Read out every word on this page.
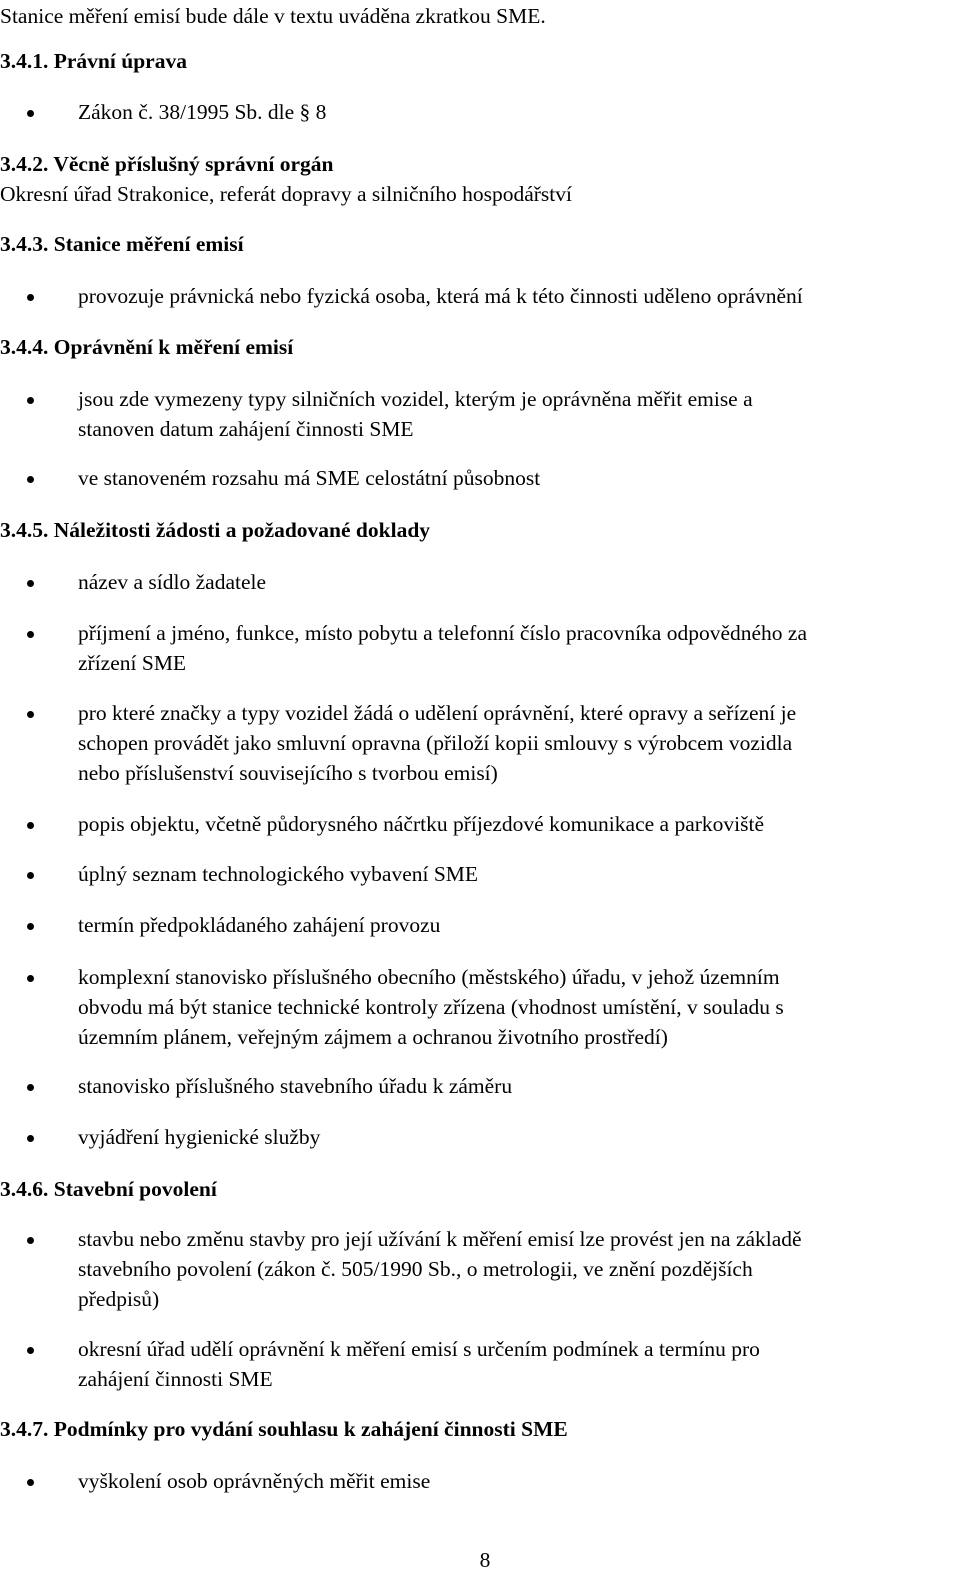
Stanice měření emisí bude dále v textu uváděna zkratkou SME.

3.4.1. Právní úprava

Zákon č. 38/1995 Sb. dle § 8

3.4.2. Věcně příslušný správní orgán

Okresní úřad Strakonice, referát dopravy a silničního hospodářství

3.4.3. Stanice měření emisí

provozuje právnická nebo fyzická osoba, která má k této činnosti uděleno oprávnění

3.4.4. Oprávnění k měření emisí

jsou zde vymezeny typy silničních vozidel, kterým je oprávněna měřit emise a
stanoven datum zahájení činnosti SME
ve stanoveném rozsahu má SME celostátní působnost

3.4.5. Náležitosti žádosti a požadované doklady

název a sídlo žadatele
příjmení a jméno, funkce, místo pobytu a telefonní číslo pracovníka odpovědného za
zřízení SME
pro které značky a typy vozidel žádá o udělení oprávnění, které opravy a seřízení je
schopen provádět jako smluvní opravna (přiloží kopii smlouvy s výrobcem vozidla
nebo příslušenství souvisejícího s tvorbou emisí)
popis objektu, včetně půdorysného náčrtku příjezdové komunikace a parkoviště
úplný seznam technologického vybavení SME
termín předpokládaného zahájení provozu
komplexní stanovisko příslušného obecního (městského) úřadu, v jehož územním
obvodu má být stanice technické kontroly zřízena (vhodnost umístění, v souladu s
územním plánem, veřejným zájmem a ochranou životního prostředí)
stanovisko příslušného stavebního úřadu k záměru
vyjádření hygienické služby

3.4.6. Stavební povolení

stavbu nebo změnu stavby pro její užívání k měření emisí lze provést jen na základě
stavebního povolení (zákon č. 505/1990 Sb., o metrologii, ve znění pozdějších
předpisů)
okresní úřad udělí oprávnění k měření emisí s určením podmínek a termínu pro
zahájení činnosti SME

3.4.7. Podmínky pro vydání souhlasu k zahájení činnosti SME

vyškolení osob oprávněných měřit emise
8
